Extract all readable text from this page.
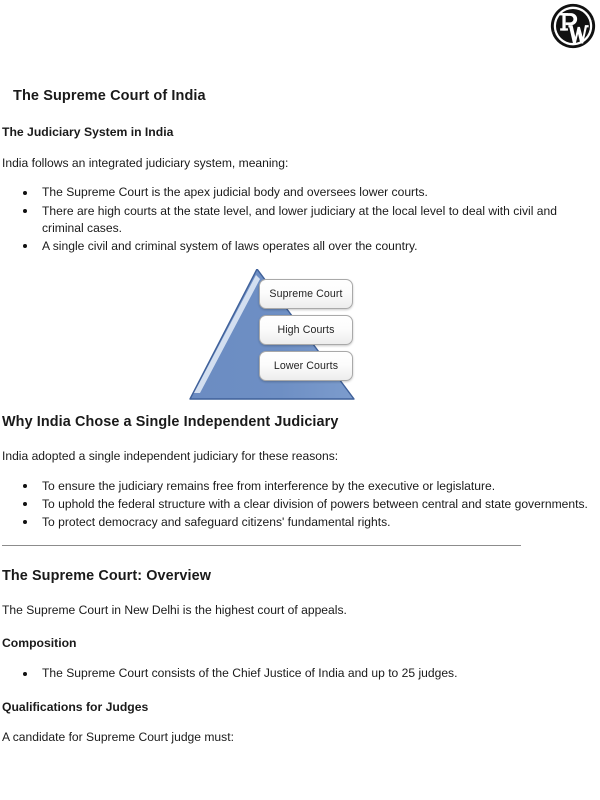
The Supreme Court of India
The Judiciary System in India

India follows an integrated judiciary system, meaning:

The Supreme Court is the apex judicial body and oversees lower courts.
There are high courts at the state level, and lower judiciary at the local level to deal with civil and criminal cases.
A single civil and criminal system of laws operates all over the country.
Supreme Court
High Courts
Lower Courts
Why India Chose a Single Independent Judiciary

India adopted a single independent judiciary for these reasons:

To ensure the judiciary remains free from interference by the executive or legislature.
To uphold the federal structure with a clear division of powers between central and state governments.
To protect democracy and safeguard citizens' fundamental rights.
The Supreme Court: Overview

The Supreme Court in New Delhi is the highest court of appeals.

Composition
The Supreme Court consists of the Chief Justice of India and up to 25 judges.
Qualifications for Judges

A candidate for Supreme Court judge must:
